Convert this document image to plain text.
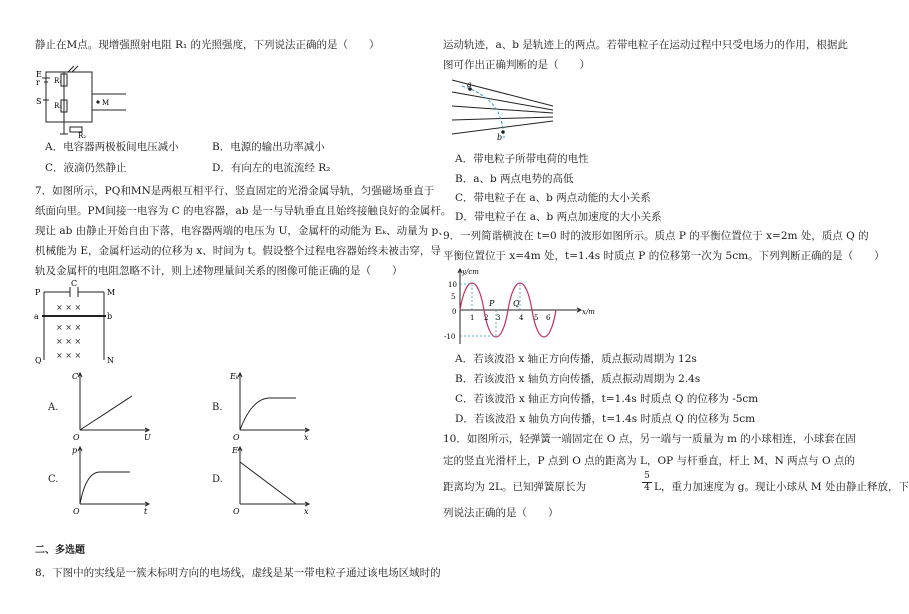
静止在M点。现增强照射电阻 R₁ 的光照强度，下列说法正确的是（　　）
E
r
S
R₁
R₃
R₂
M
A．电容器两极板间电压减小	B．电源的输出功率减小
C．液滴仍然静止	D．有向左的电流流经 R₂
7．如图所示，PQ和MN是两根互相平行、竖直固定的光滑金属导轨，匀强磁场垂直于
纸面向里。PM间接一电容为 C 的电容器，ab 是一与导轨垂直且始终接触良好的金属杆。
现让 ab 由静止开始自由下落，电容器两端的电压为 U，金属杆的动能为 Eₖ、动量为 p、
机械能为 E，金属杆运动的位移为 x、时间为 t。假设整个过程电容器始终未被击穿，导
轨及金属杆的电阻忽略不计，则上述物理量间关系的图像可能正确的是（　　）
× × ×
× × ×
× × ×
× × ×
P
C
M
a	b
Q	N
A.
C
U
O
B.
Eₖ
x
O
C.
p
t
O
D.
E
x
O
二、多选题
8．下图中的实线是一簇未标明方向的电场线，虚线是某一带电粒子通过该电场区域时的
运动轨迹，a、b 是轨迹上的两点。若带电粒子在运动过程中只受电场力的作用，根据此
图可作出正确判断的是（　　）
a
b
A．带电粒子所带电荷的电性
B．a、b 两点电势的高低
C．带电粒子在 a、b 两点动能的大小关系
D．带电粒子在 a、b 两点加速度的大小关系
9．一列简谐横波在 t=0 时的波形如图所示。质点 P 的平衡位置位于 x=2m 处，质点 Q 的
平衡位置位于 x=4m 处，t=1.4s 时质点 P 的位移第一次为 5cm。下列判断正确的是（　　）
y/cm
x/m
10
5
0
-10
1 2 3	4 5 6
P Q
A．若该波沿 x 轴正方向传播，质点振动周期为 12s
B．若该波沿 x 轴负方向传播，质点振动周期为 2.4s
C．若该波沿 x 轴正方向传播，t=1.4s 时质点 Q 的位移为 -5cm
D．若该波沿 x 轴负方向传播，t=1.4s 时质点 Q 的位移为 5cm
10．如图所示，轻弹簧一端固定在 O 点，另一端与一质量为 m 的小球相连，小球套在固
定的竖直光滑杆上，P 点到 O 点的距离为 L，OP 与杆垂直，杆上 M、N 两点与 O 点的
距离均为 2L。已知弹簧原长为	$\frac{5}{4}$ L，重力加速度为 g。现让小球从 M 处由静止释放，下
列说法正确的是（　　）
